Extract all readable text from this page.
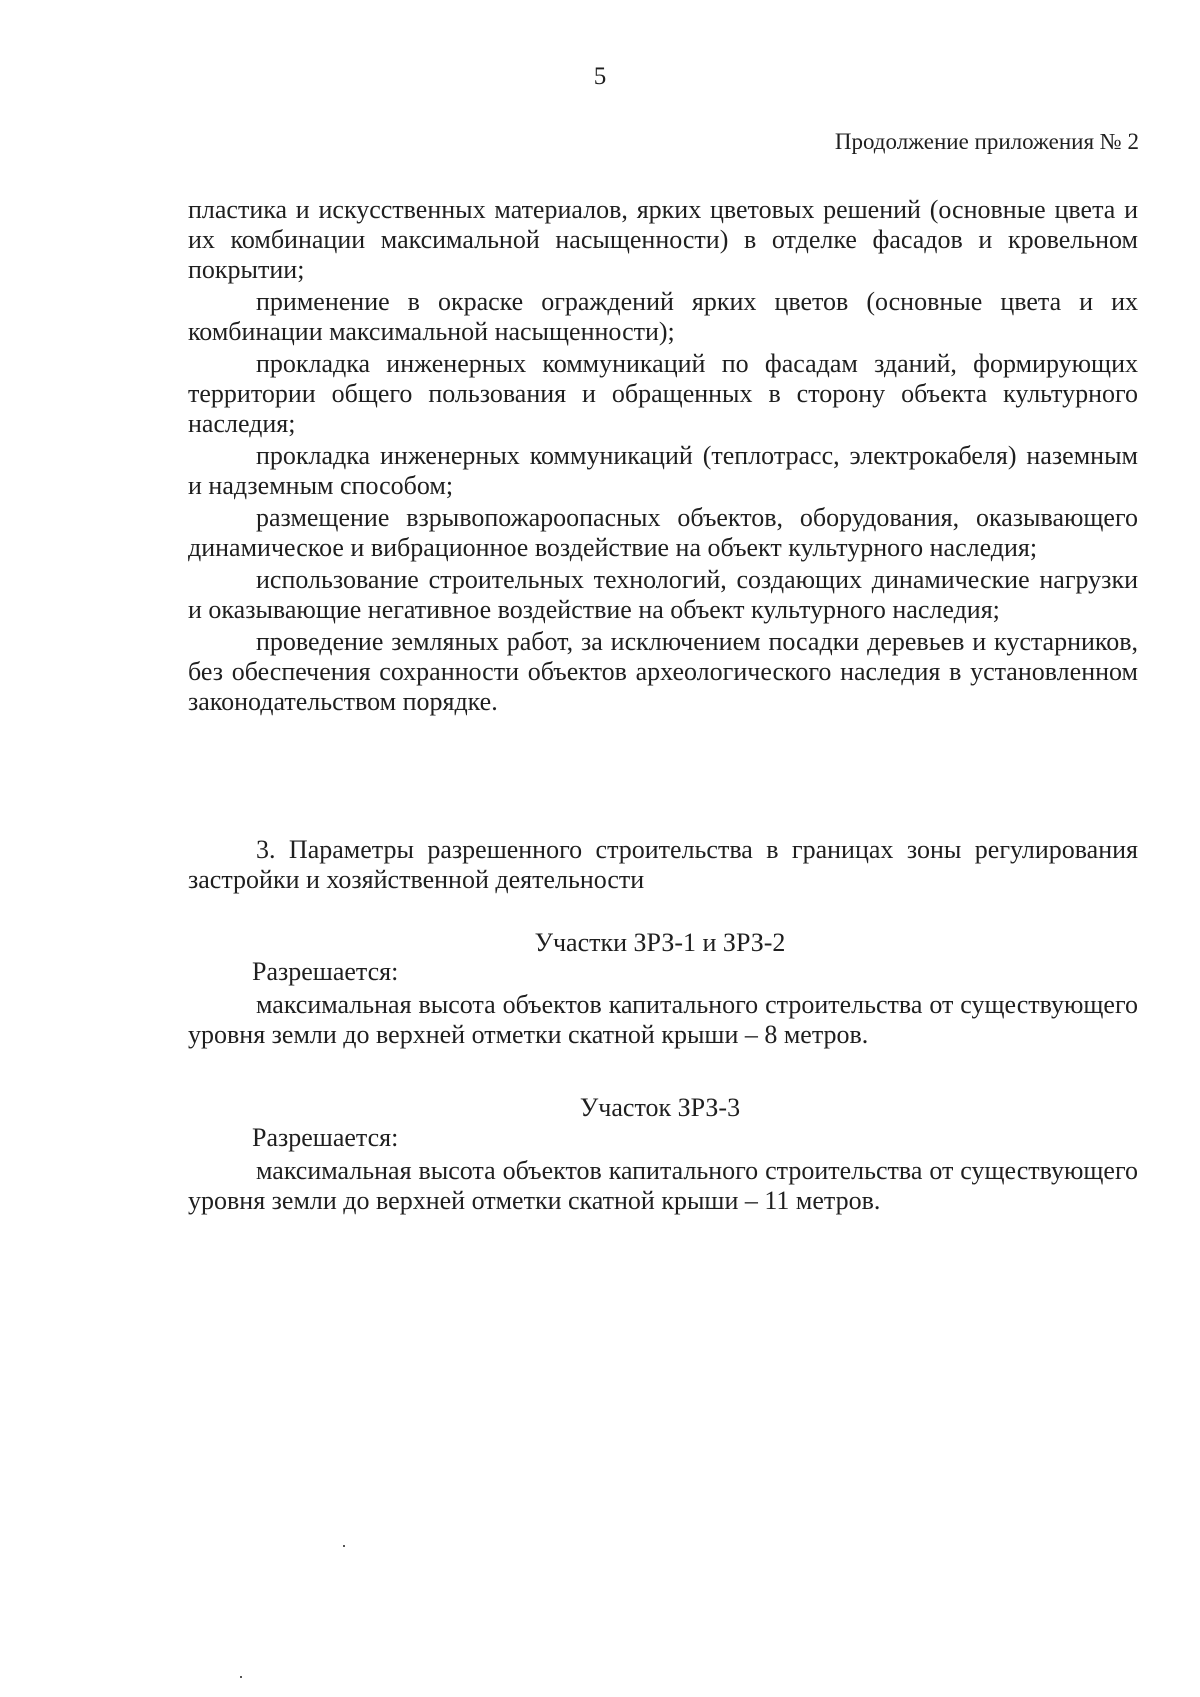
5
Продолжение приложения № 2

пластика и искусственных материалов, ярких цветовых решений (основные цвета и их комбинации максимальной насыщенности) в отделке фасадов и кровельном покрытии;

применение в окраске ограждений ярких цветов (основные цвета и их комбинации максимальной насыщенности);

прокладка инженерных коммуникаций по фасадам зданий, формирующих территории общего пользования и обращенных в сторону объекта культурного наследия;

прокладка инженерных коммуникаций (теплотрасс, электрокабеля) наземным и надземным способом;

размещение взрывопожароопасных объектов, оборудования, оказывающего динамическое и вибрационное воздействие на объект культурного наследия;

использование строительных технологий, создающих динамические нагрузки и оказывающие негативное воздействие на объект культурного наследия;

проведение земляных работ, за исключением посадки деревьев и кустарников, без обеспечения сохранности объектов археологического наследия в установленном законодательством порядке.

3. Параметры разрешенного строительства в границах зоны регулирования застройки и хозяйственной деятельности

Участки ЗРЗ-1 и ЗРЗ-2
Разрешается:

максимальная высота объектов капитального строительства от существующего уровня земли до верхней отметки скатной крыши – 8 метров.

Участок ЗРЗ-3
Разрешается:

максимальная высота объектов капитального строительства от существующего уровня земли до верхней отметки скатной крыши – 11 метров.
